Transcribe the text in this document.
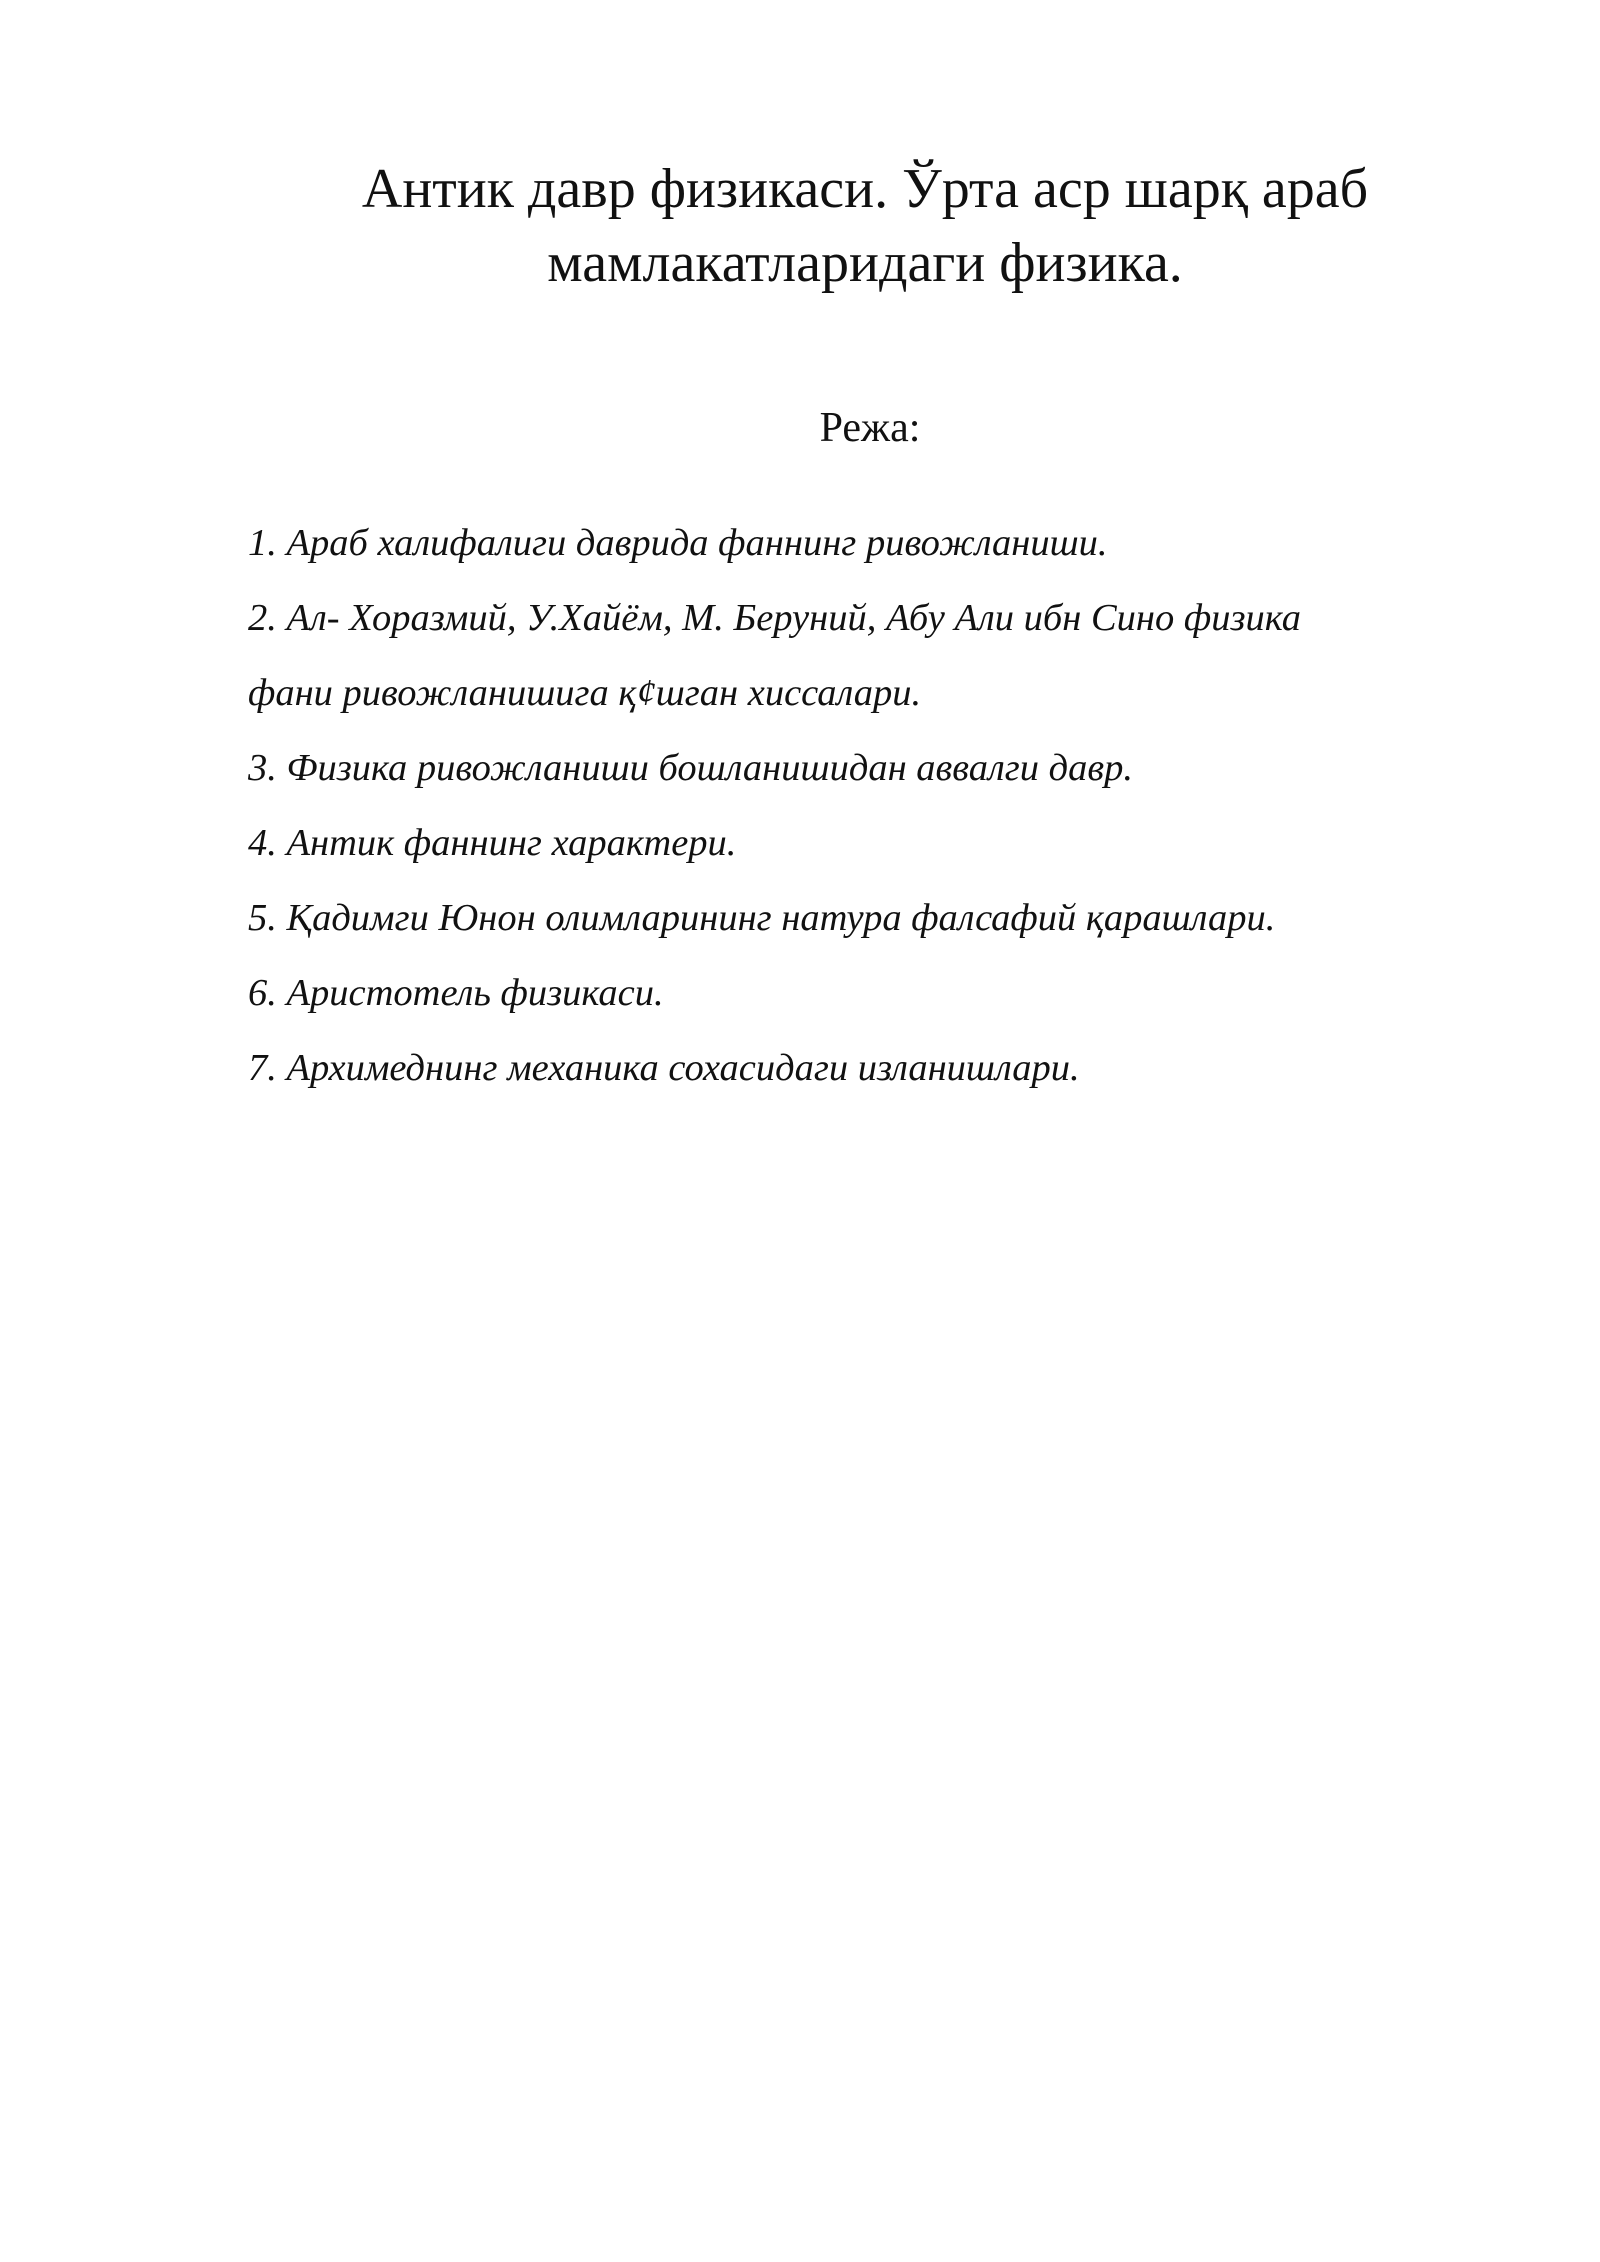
Антик давр физикаси. Ўрта аср шарқ араб
мамлакатларидаги физика.
Режа:
1. Араб халифалиги даврида фаннинг ривожланиши.
2. Ал- Хоразмий, У.Хайём, М. Беруний, Абу Али ибн Сино физика
фани ривожланишига қ¢шган хиссалари.
3. Физика ривожланиши бошланишидан аввалги давр.
4. Антик фаннинг характери.
5. Қадимги Юнон олимларининг натура фалсафий қарашлари.
6. Аристотель физикаси.
7. Архимеднинг механика сохасидаги изланишлари.
